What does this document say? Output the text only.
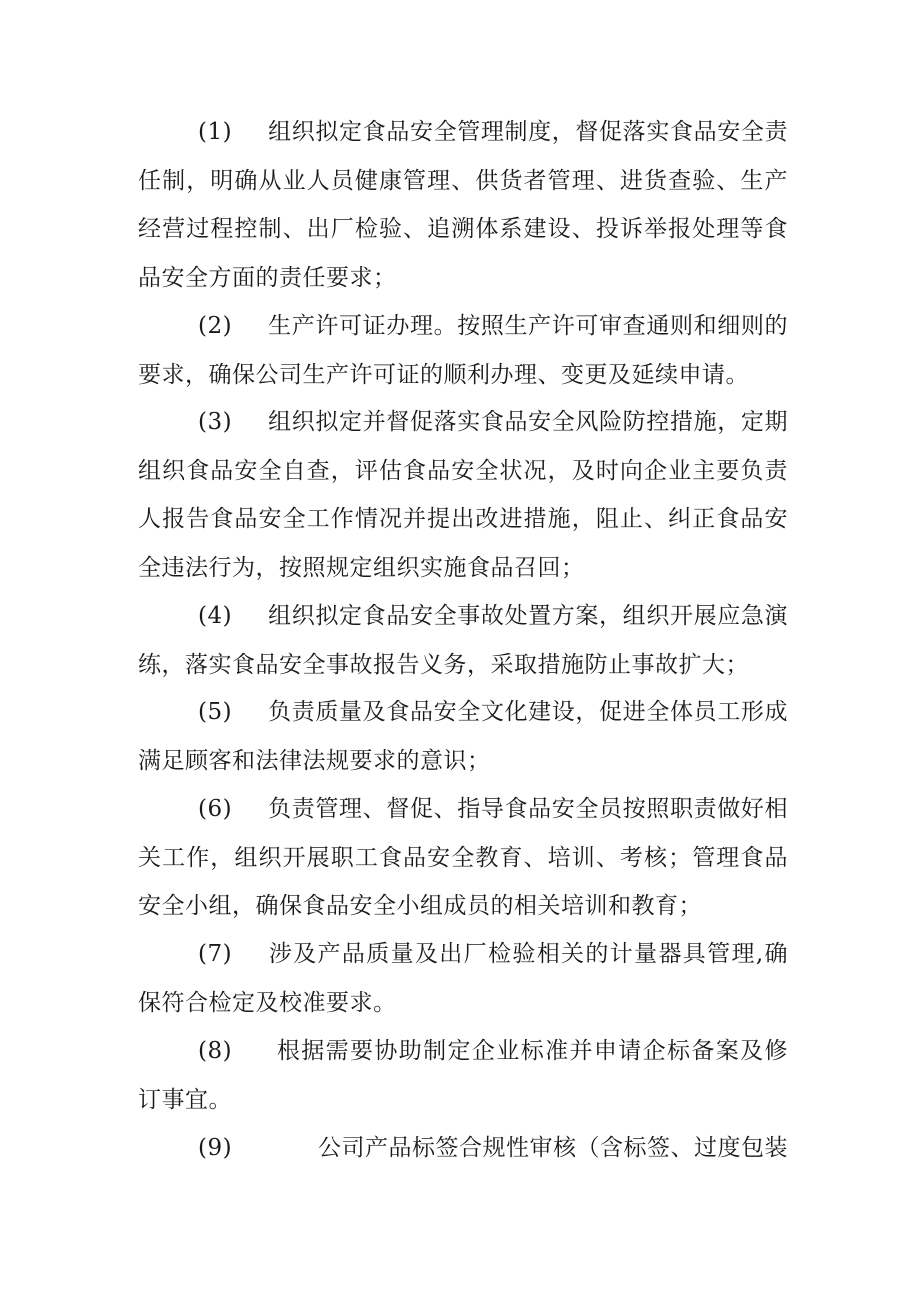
(1) 组织拟定食品安全管理制度，督促落实食品安全责任制，明确从业人员健康管理、供货者管理、进货查验、生产经营过程控制、出厂检验、追溯体系建设、投诉举报处理等食品安全方面的责任要求；

(2) 生产许可证办理。按照生产许可审查通则和细则的要求，确保公司生产许可证的顺利办理、变更及延续申请。

(3) 组织拟定并督促落实食品安全风险防控措施，定期组织食品安全自查，评估食品安全状况，及时向企业主要负责人报告食品安全工作情况并提出改进措施，阻止、纠正食品安全违法行为，按照规定组织实施食品召回；

(4) 组织拟定食品安全事故处置方案，组织开展应急演练，落实食品安全事故报告义务，采取措施防止事故扩大；

(5) 负责质量及食品安全文化建设，促进全体员工形成满足顾客和法律法规要求的意识；

(6) 负责管理、督促、指导食品安全员按照职责做好相关工作，组织开展职工食品安全教育、培训、考核；管理食品安全小组，确保食品安全小组成员的相关培训和教育；

(7) 涉及产品质量及出厂检验相关的计量器具管理,确保符合检定及校准要求。

(8) 根据需要协助制定企业标准并申请企标备案及修订事宜。

(9)	公司产品标签合规性审核（含标签、过度包装
